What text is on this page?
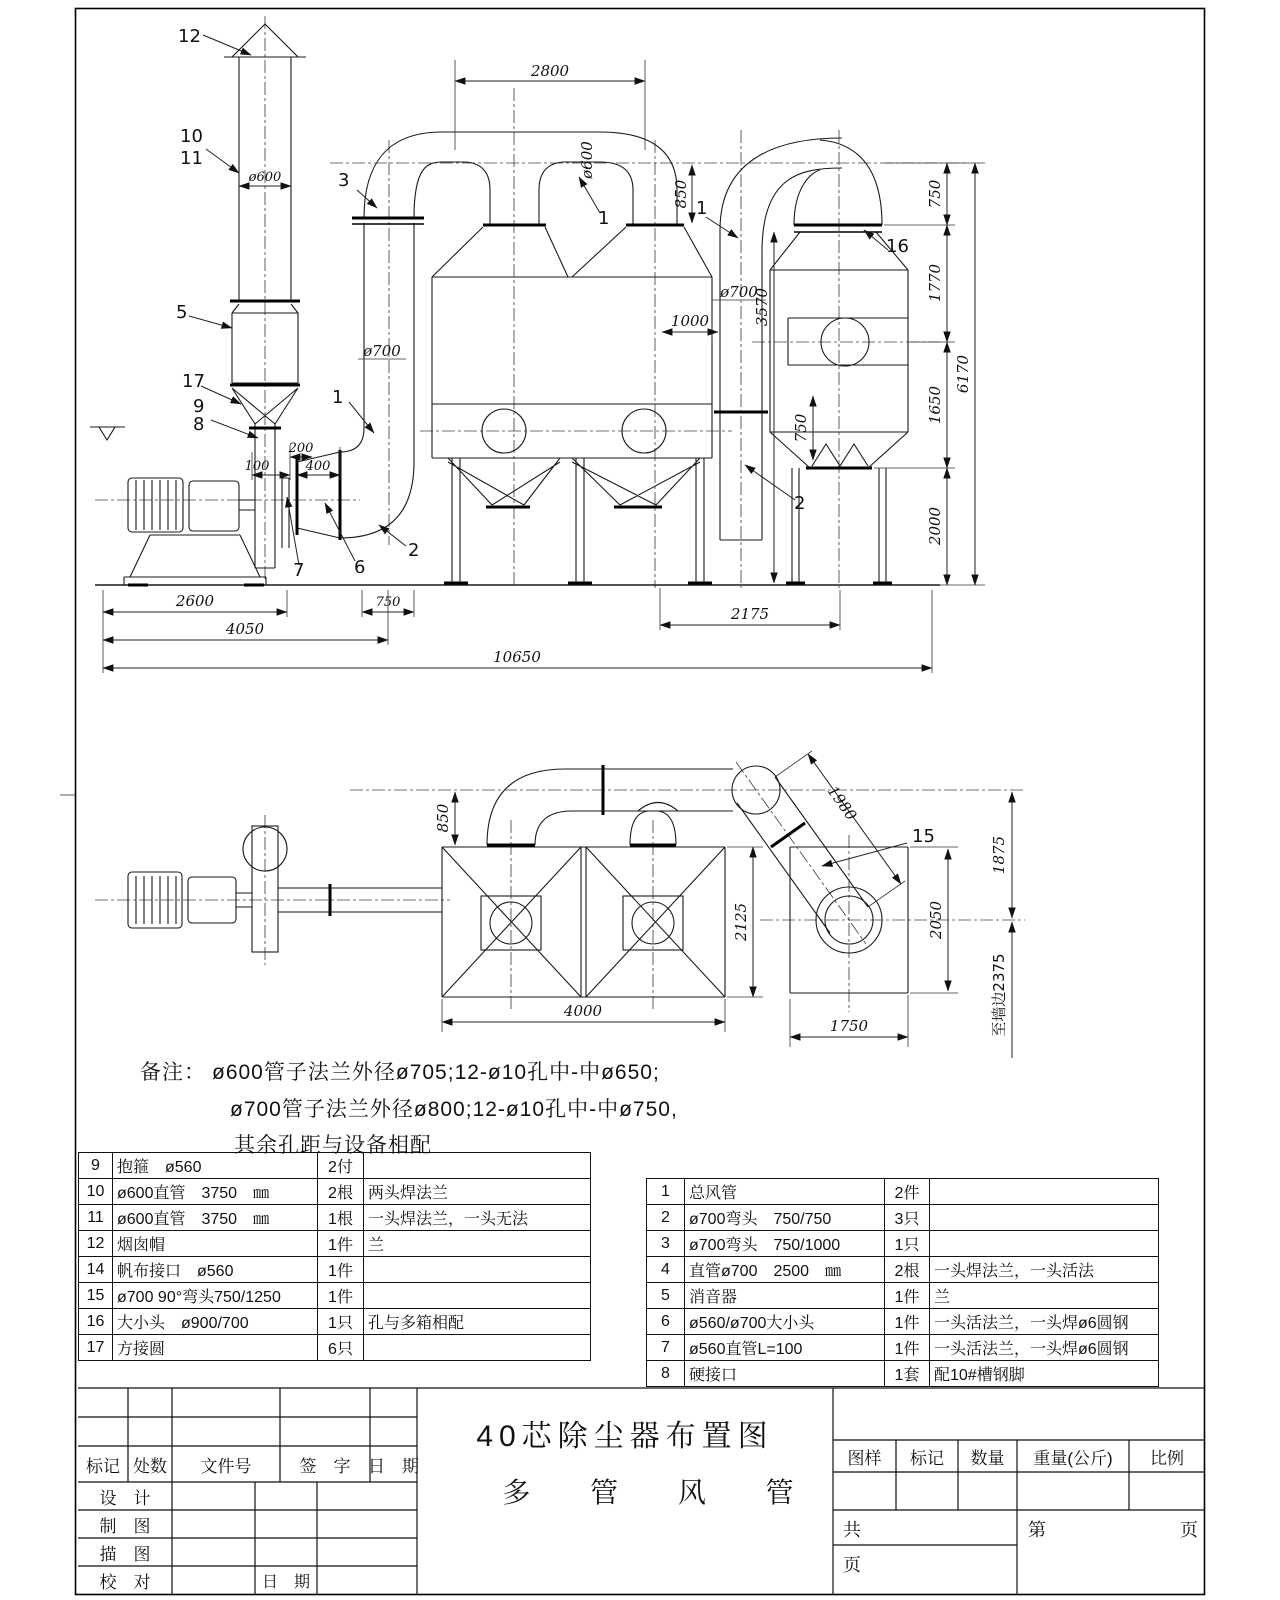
2800
ø600	ø600
850
1000
ø700
ø700
3570
750
750
1770
1650
2000
6170
200
100	400
2600	750
4050
10650
2175
12
10
11
3
5
17
9
8
7	6
2
1
1	1
16
2
850
4000
2125
1980
1875
2050
至墙边2375
1750
15
备注： ø600管子法兰外径ø705;12-ø10孔中-中ø650;
ø700管子法兰外径ø800;12-ø10孔中-中ø750,
其余孔距与设备相配
9	抱箍　ø560	2付	
10	ø600直管　3750　㎜	2根	两头焊法兰
11	ø600直管　3750　㎜	1根	一头焊法兰，一头无法
12	烟囱帽	1件	兰
14	帆布接口　ø560	1件	
15	ø700 90°弯头750/1250	1件	
16	大小头　ø900/700	1只	孔与多箱相配
17	方接圆	6只	
1	总风管	2件	
2	ø700弯头　750/750	3只	
3	ø700弯头　750/1000	1只	
4	直管ø700　2500　㎜	2根	一头焊法兰，一头活法
5	消音器	1件	兰
6	ø560/ø700大小头	1件	一头活法兰，一头焊ø6圆钢
7	ø560直管L=100	1件	一头活法兰，一头焊ø6圆钢
8	硬接口	1套	配10#槽钢脚
40芯除尘器布置图
多 管 风 管
标记 处数	文件号	签　字	日　期
设　计
制　图
描　图
校　对	日　期
图样	标记	数量	重量(公斤)	比例
共	第	页
页
